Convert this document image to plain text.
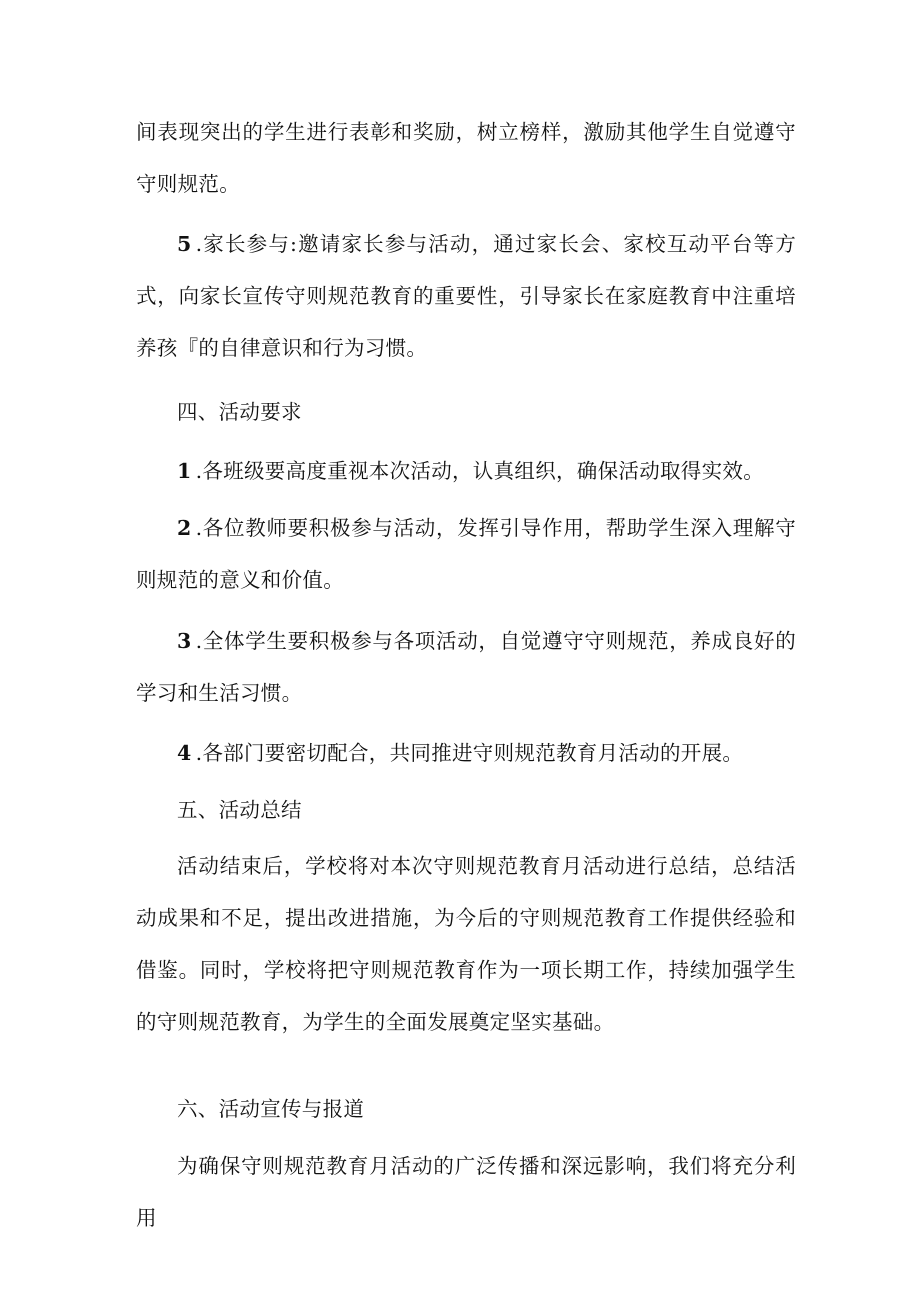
间表现突出的学生进行表彰和奖励，树立榜样，激励其他学生自觉遵守守则规范。

5 .家长参与:邀请家长参与活动，通过家长会、家校互动平台等方式，向家长宣传守则规范教育的重要性，引导家长在家庭教育中注重培养孩『的自律意识和行为习惯。

四、活动要求

1 .各班级要高度重视本次活动，认真组织，确保活动取得实效。

2 .各位教师要积极参与活动，发挥引导作用，帮助学生深入理解守则规范的意义和价值。

3 .全体学生要积极参与各项活动，自觉遵守守则规范，养成良好的学习和生活习惯。

4 .各部门要密切配合，共同推进守则规范教育月活动的开展。

五、活动总结

活动结束后，学校将对本次守则规范教育月活动进行总结，总结活动成果和不足，提出改进措施，为今后的守则规范教育工作提供经验和借鉴。同时，学校将把守则规范教育作为一项长期工作，持续加强学生的守则规范教育，为学生的全面发展奠定坚实基础。

六、活动宣传与报道

为确保守则规范教育月活动的广泛传播和深远影响，我们将充分利用
